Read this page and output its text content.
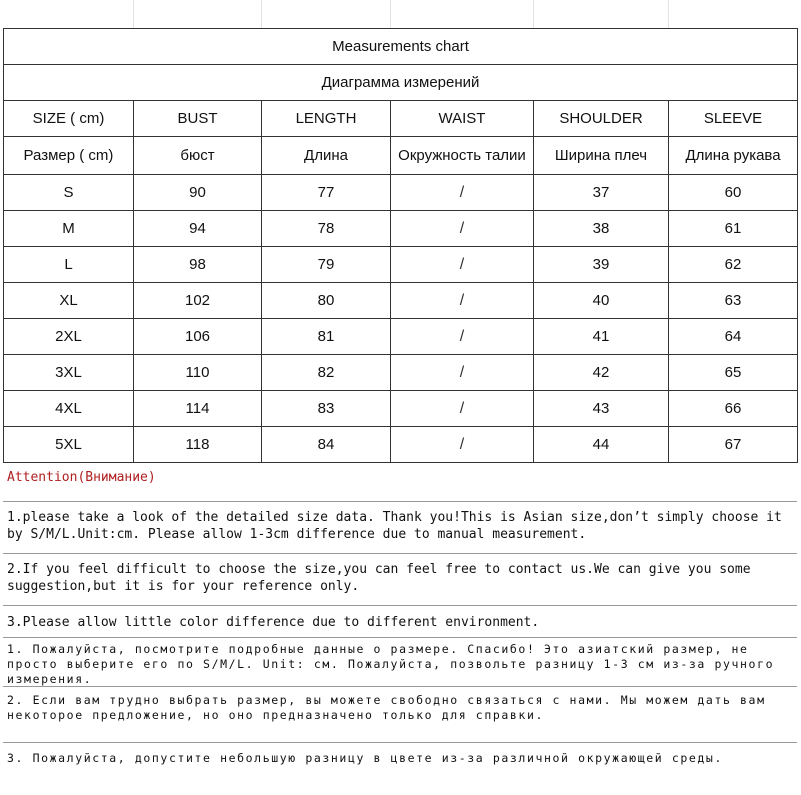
Measurements chart					
Диаграмма измерений					
SIZE ( cm)	BUST	LENGTH	WAIST	SHOULDER	SLEEVE
Размер ( cm)	бюст	Длина	Окружность талии	Ширина плеч	Длина рукава
S	90	77	/	37	60
M	94	78	/	38	61
L	98	79	/	39	62
XL	102	80	/	40	63
2XL	106	81	/	41	64
3XL	110	82	/	42	65
4XL	114	83	/	43	66
5XL	118	84	/	44	67
Attention(Внимание)
1.please take a look of the detailed size data. Thank you!This is Asian size,don’t simply choose it by S/M/L.Unit:cm. Please allow 1-3cm difference due to manual measurement.
2.If you feel difficult to choose the size,you can feel free to contact us.We can give you some suggestion,but it is for your reference only.
3.Please allow little color difference due to different environment.
1. Пожалуйста, посмотрите подробные данные о размере. Спасибо! Это азиатский размер, не просто выберите его по S/M/L. Unit: см. Пожалуйста, позвольте разницу 1-3 см из-за ручного измерения.
2. Если вам трудно выбрать размер, вы можете свободно связаться с нами. Мы можем дать вам некоторое предложение, но оно предназначено только для справки.
3. Пожалуйста, допустите небольшую разницу в цвете из-за различной окружающей среды.
